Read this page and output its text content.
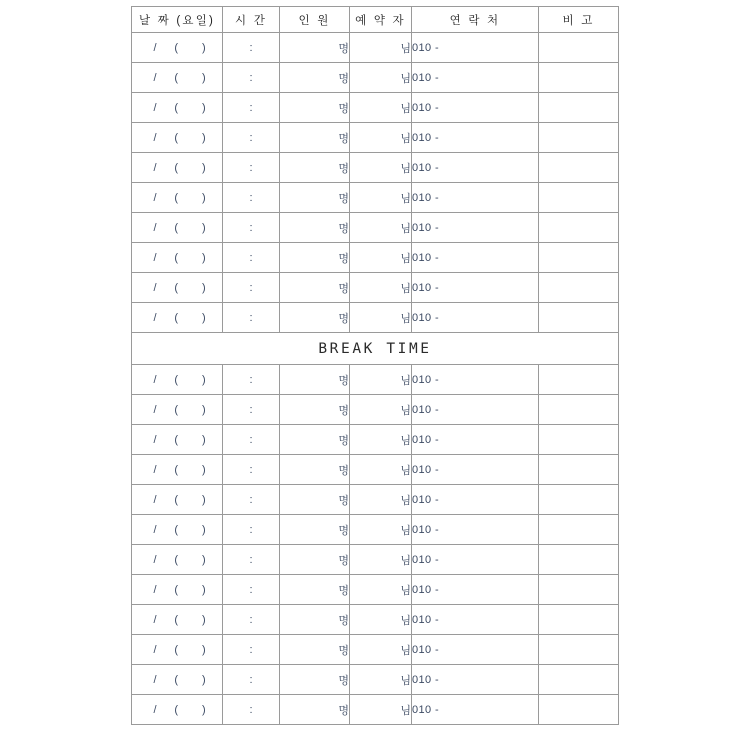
날 짜 (요일)	시 간	인 원	예 약 자	연 락 처	비 고
/ ( )	:	명	님	010 -	
/ ( )	:	명	님	010 -	
/ ( )	:	명	님	010 -	
/ ( )	:	명	님	010 -	
/ ( )	:	명	님	010 -	
/ ( )	:	명	님	010 -	
/ ( )	:	명	님	010 -	
/ ( )	:	명	님	010 -	
/ ( )	:	명	님	010 -	
/ ( )	:	명	님	010 -	
BREAK TIME					
/ ( )	:	명	님	010 -	
/ ( )	:	명	님	010 -	
/ ( )	:	명	님	010 -	
/ ( )	:	명	님	010 -	
/ ( )	:	명	님	010 -	
/ ( )	:	명	님	010 -	
/ ( )	:	명	님	010 -	
/ ( )	:	명	님	010 -	
/ ( )	:	명	님	010 -	
/ ( )	:	명	님	010 -	
/ ( )	:	명	님	010 -	
/ ( )	:	명	님	010 -	
